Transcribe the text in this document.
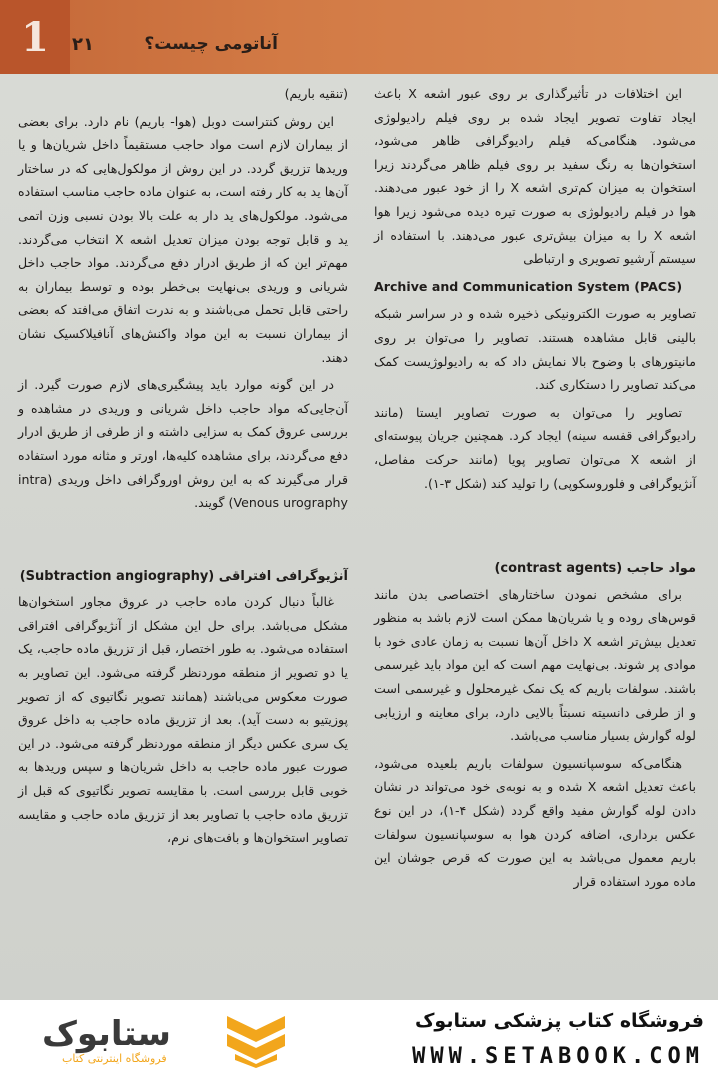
1	۲۱	آناتومی چیست؟

این اختلافات در تأثیرگذاری بر روی عبور اشعه X باعث ایجاد تفاوت تصویر ایجاد شده بر روی فیلم رادیولوژی می‌شود. هنگامی‌که فیلم رادیوگرافی ظاهر می‌شود، استخوان‌ها به رنگ سفید بر روی فیلم ظاهر می‌گردند زیرا استخوان به میزان کم‌تری اشعه X را از خود عبور می‌دهند. هوا در فیلم رادیولوژی به صورت تیره دیده می‌شود زیرا هوا اشعه X را به میزان بیش‌تری عبور می‌دهند. با استفاده از سیستم آرشیو تصویری و ارتباطی

Archive and Communication System (PACS)

تصاویر به صورت الکترونیکی ذخیره شده و در سراسر شبکه بالینی قابل مشاهده هستند. تصاویر را می‌توان بر روی مانیتورهای با وضوح بالا نمایش داد که به رادیولوژیست کمک می‌کند تصاویر را دستکاری کند.

تصاویر را می‌توان به صورت تصاویر ایستا (مانند رادیوگرافی قفسه سینه) ایجاد کرد. همچنین جریان پیوسته‌ای از اشعه X می‌توان تصاویر پویا (مانند حرکت مفاصل، آنژیوگرافی و فلوروسکوپی) را تولید کند (شکل ۳-۱).

مواد حاجب (contrast agents)

برای مشخص نمودن ساختارهای اختصاصی بدن مانند قوس‌های روده و یا شریان‌ها ممکن است لازم باشد به منظور تعدیل بیش‌تر اشعه X داخل آن‌ها نسبت به زمان عادی خود با موادی پر شوند. بی‌نهایت مهم است که این مواد باید غیرسمی باشند. سولفات باریم که یک نمک غیرمحلول و غیرسمی است و از طرفی دانسیته نسبتاً بالایی دارد، برای معاینه و ارزیابی لوله گوارش بسیار مناسب می‌باشد.

هنگامی‌که سوسپانسیون سولفات باریم بلعیده می‌شود، باعث تعدیل اشعه X شده و به نوبه‌ی خود می‌تواند در نشان دادن لوله گوارش مفید واقع گردد (شکل ۴-۱)، در این نوع عکس برداری، اضافه کردن هوا به سوسپانسیون سولفات باریم معمول می‌باشد به این صورت که قرص جوشان این ماده مورد استفاده قرار

(تنقیه باریم)

این روش کنتراست دوبل (هوا- باریم) نام دارد. برای بعضی از بیماران لازم است مواد حاجب مستقیماً داخل شریان‌ها و یا وریدها تزریق گردد. در این روش از مولکول‌هایی که در ساختار آن‌ها ید به کار رفته است، به عنوان ماده حاجب مناسب استفاده می‌شود. مولکول‌های ید دار به علت بالا بودن نسبی وزن اتمی ید و قابل توجه بودن میزان تعدیل اشعه X انتخاب می‌گردند. مهم‌تر این که از طریق ادرار دفع می‌گردند. مواد حاجب داخل شریانی و وریدی بی‌نهایت بی‌خطر بوده و توسط بیماران به راحتی قابل تحمل می‌باشند و به ندرت اتفاق می‌افتد که بعضی از بیماران نسبت به این مواد واکنش‌های آنافیلاکسیک نشان دهند.

در این گونه موارد باید پیشگیری‌های لازم صورت گیرد. از آن‌جایی‌که مواد حاجب داخل شریانی و وریدی در مشاهده و بررسی عروق کمک به سزایی داشته و از طرفی از طریق ادرار دفع می‌گردند، برای مشاهده کلیه‌ها، اورتر و مثانه مورد استفاده قرار می‌گیرند که به این روش اوروگرافی داخل وریدی (intra Venous urography) گویند.

آنژیوگرافی افتراقی (Subtraction angiography)

غالباً دنبال کردن ماده حاجب در عروق مجاور استخوان‌ها مشکل می‌باشد. برای حل این مشکل از آنژیوگرافی افتراقی استفاده می‌شود. به طور اختصار، قبل از تزریق ماده حاجب، یک یا دو تصویر از منطقه موردنظر گرفته می‌شود. این تصاویر به صورت معکوس می‌باشند (همانند تصویر نگاتیوی که از تصویر پوزیتیو به دست آید). بعد از تزریق ماده حاجب به داخل عروق یک سری عکس دیگر از منطقه موردنظر گرفته می‌شود. در این صورت عبور ماده حاجب به داخل شریان‌ها و سپس وریدها به خوبی قابل بررسی است. با مقایسه تصویر نگاتیوی که قبل از تزریق ماده حاجب با تصاویر بعد از تزریق ماده حاجب و مقایسه تصاویر استخوان‌ها و بافت‌های نرم،

ستابوک
فروشگاه اینترنتی کتاب
فروشگاه کتاب پزشکی ستابوک
WWW.SETABOOK.COM
